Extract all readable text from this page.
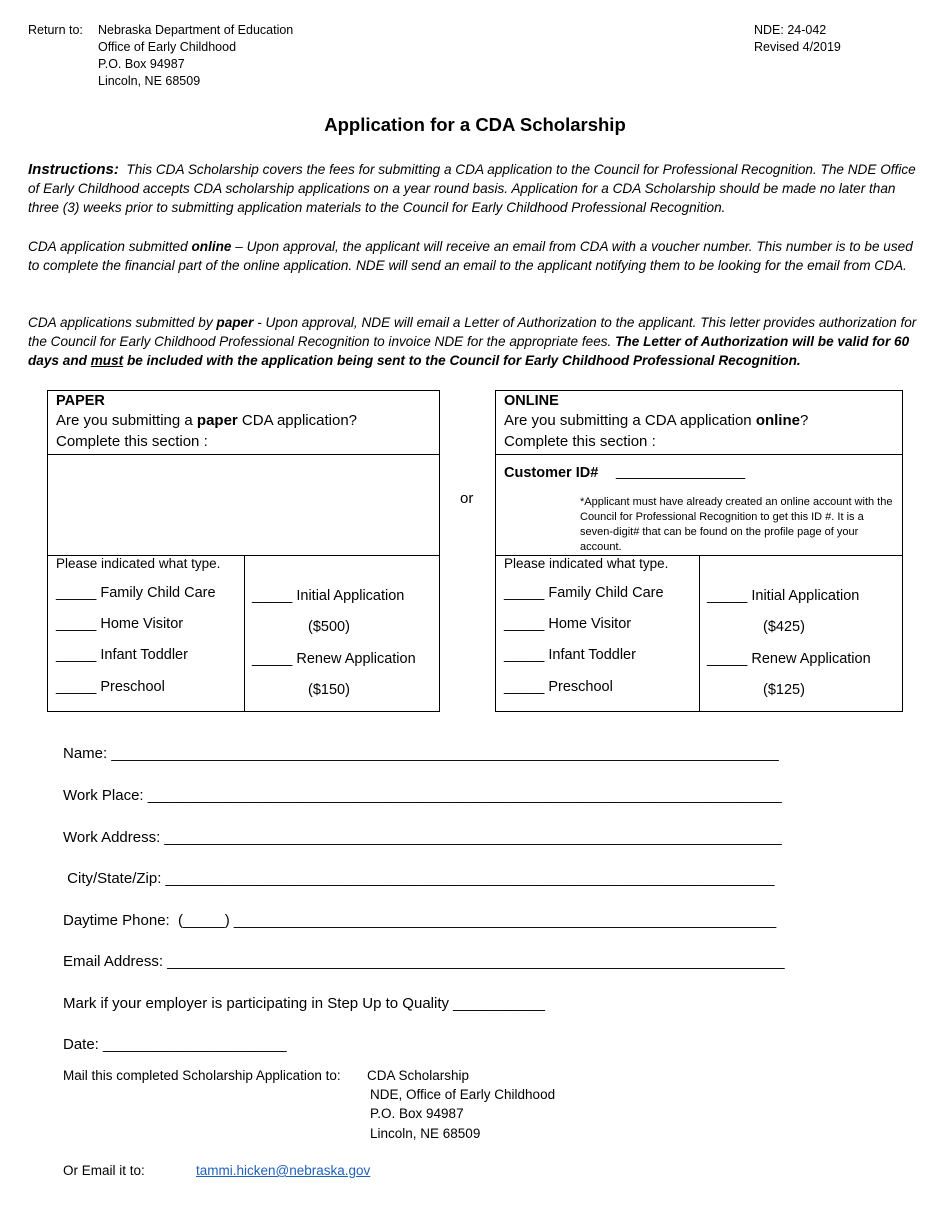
Return to: Nebraska Department of Education
Office of Early Childhood
P.O. Box 94987
Lincoln, NE 68509
NDE: 24-042
Revised 4/2019
Application for a CDA Scholarship
Instructions: This CDA Scholarship covers the fees for submitting a CDA application to the Council for Professional Recognition. The NDE Office of Early Childhood accepts CDA scholarship applications on a year round basis. Application for a CDA Scholarship should be made no later than three (3) weeks prior to submitting application materials to the Council for Early Childhood Professional Recognition.
CDA application submitted online – Upon approval, the applicant will receive an email from CDA with a voucher number. This number is to be used to complete the financial part of the online application. NDE will send an email to the applicant notifying them to be looking for the email from CDA.
CDA applications submitted by paper - Upon approval, NDE will email a Letter of Authorization to the applicant. This letter provides authorization for the Council for Early Childhood Professional Recognition to invoice NDE for the appropriate fees. The Letter of Authorization will be valid for 60 days and must be included with the application being sent to the Council for Early Childhood Professional Recognition.
PAPER
Are you submitting a paper CDA application?
Complete this section :
Please indicated what type.
_____ Family Child Care
_____ Home Visitor
_____ Infant Toddler
_____ Preschool
_____ Initial Application
($500)
_____ Renew Application
($150)
or
ONLINE
Are you submitting a CDA application online?
Complete this section :
Customer ID# ________________
*Applicant must have already created an online account with the Council for Professional Recognition to get this ID #. It is a seven-digit# that can be found on the profile page of your account.
Please indicated what type.
_____ Family Child Care
_____ Home Visitor
_____ Infant Toddler
_____ Preschool
_____ Initial Application
($425)
_____ Renew Application
($125)
Name: ________________________________________________________________________________
Work Place: ____________________________________________________________________________
Work Address: __________________________________________________________________________
City/State/Zip: _________________________________________________________________________
Daytime Phone:  (_____) _________________________________________________________________
Email Address: __________________________________________________________________________
Mark if your employer is participating in Step Up to Quality ___________
Date: ______________________
Mail this completed Scholarship Application to: CDA Scholarship
NDE, Office of Early Childhood
P.O. Box 94987
Lincoln, NE 68509
Or Email it to:	tammi.hicken@nebraska.gov
